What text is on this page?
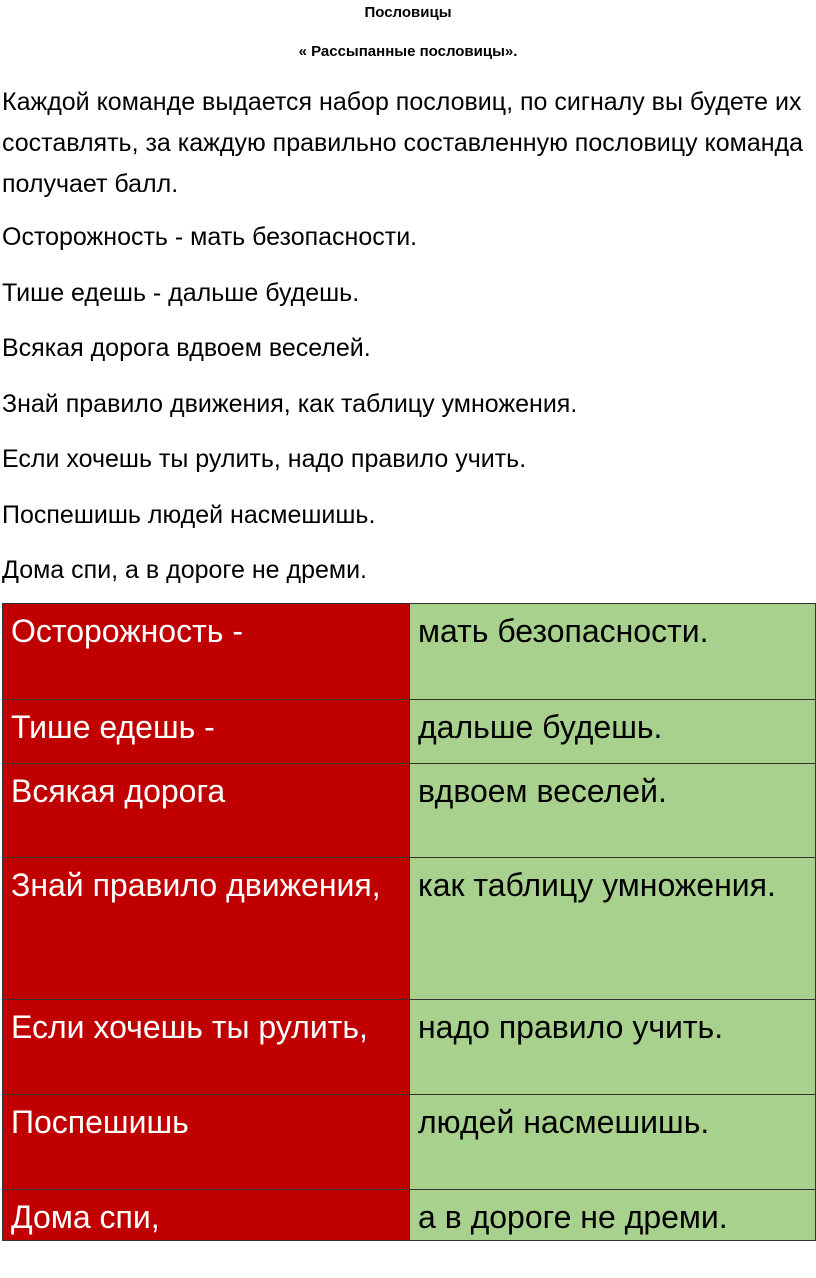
Пословицы
« Рассыпанные пословицы».

Каждой команде выдается набор пословиц, по сигналу вы будете их составлять, за каждую правильно составленную пословицу команда получает балл.

Осторожность - мать безопасности.

Тише едешь - дальше будешь.

Всякая дорога вдвоем веселей.

Знай правило движения, как таблицу умножения.

Если хочешь ты рулить, надо правило учить.

Поспешишь людей насмешишь.

Дома спи, а в дороге не дреми.

Осторожность -	мать безопасности.
Тише едешь -	дальше будешь.
Всякая дорога	вдвоем веселей.
Знай правило движения,	как таблицу умножения.
Если хочешь ты рулить,	надо правило учить.
Поспешишь	людей насмешишь.
Дома спи,	а в дороге не дреми.
